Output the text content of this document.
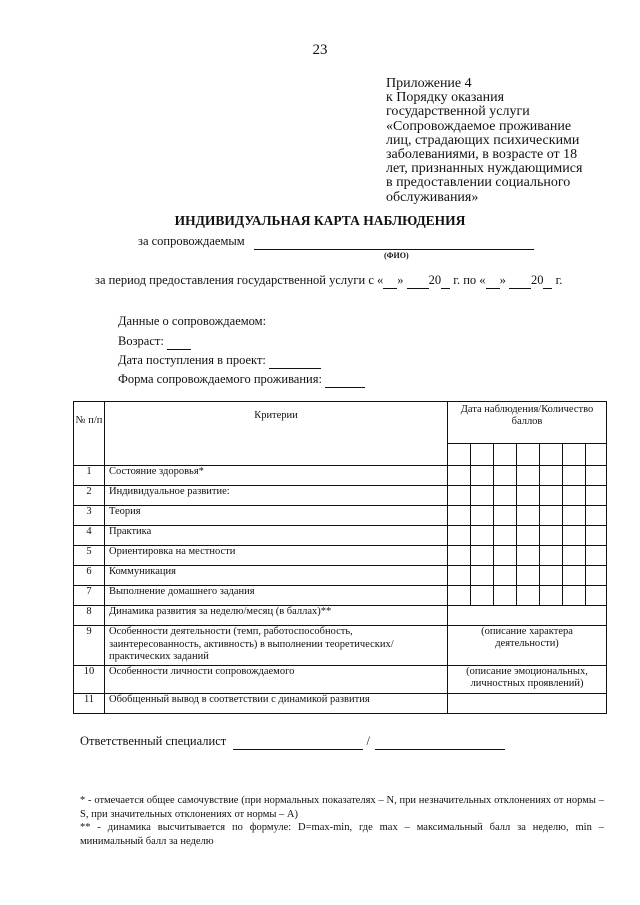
23
Приложение 4
к Порядку оказания
государственной услуги
«Сопровождаемое проживание
лиц, страдающих психическими
заболеваниями, в возрасте от 18
лет, признанных нуждающимися
в предоставлении социального
обслуживания»
ИНДИВИДУАЛЬНАЯ КАРТА НАБЛЮДЕНИЯ
за сопровождаемым
(ФИО)
за период предоставления государственной услуги с « » 20 г. по « » 20 г.
Данные о сопровождаемом:
Возраст:
Дата поступления в проект:
Форма сопровождаемого проживания:
№ п/п	Критерии	Дата наблюдения/Количество баллов						

1	Состояние здоровья*							
2	Индивидуальное развитие:							
3	Теория							
4	Практика							
5	Ориентировка на местности							
6	Коммуникация							
7	Выполнение домашнего задания							
8	Динамика развития за неделю/месяц (в баллах)**							
9	Особенности деятельности (темп, работоспособность, заинтересованность, активность) в выполнении теоретических/практических заданий	(описание характера деятельности)						
10	Особенности личности сопровождаемого	(описание эмоциональных, личностных проявлений)						
11	Обобщенный вывод в соответствии с динамикой развития							
Ответственный специалист	/

* - отмечается общее самочувствие (при нормальных показателях – N, при незначительных отклонениях от нормы – S, при значительных отклонениях от нормы – A)

** - динамика высчитывается по формуле: D=max-min, где max – максимальный балл за неделю, min – минимальный балл за неделю
